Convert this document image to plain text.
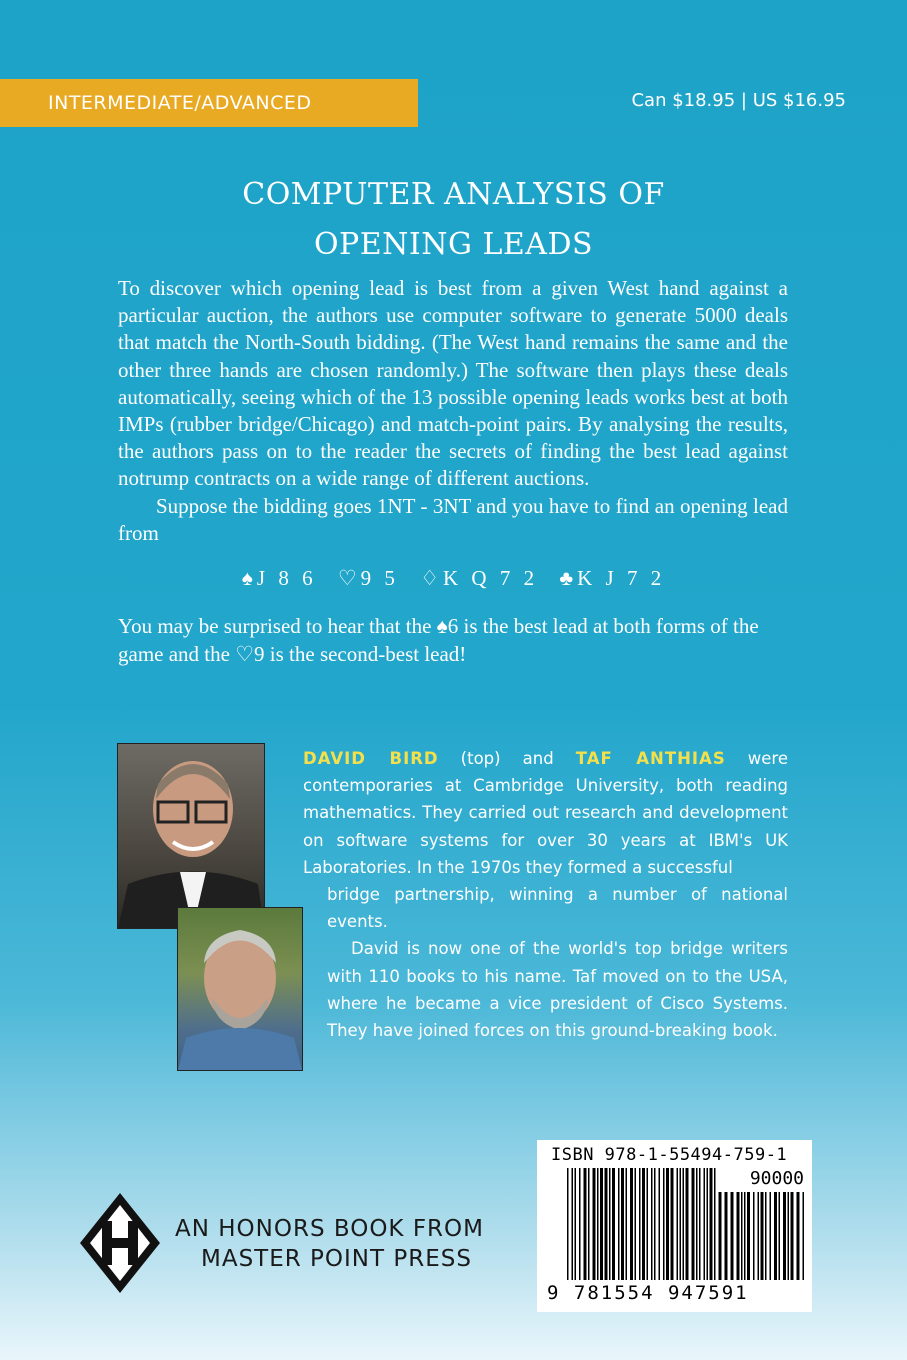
INTERMEDIATE/ADVANCED	Can $18.95 | US $16.95
COMPUTER ANALYSIS OF
OPENING LEADS

To discover which opening lead is best from a given West hand against a particular auction, the authors use computer software to generate 5000 deals that match the North-South bidding. (The West hand remains the same and the other three hands are chosen randomly.) The software then plays these deals automatically, seeing which of the 13 possible opening leads works best at both IMPs (rubber bridge/Chicago) and match-point pairs. By analysing the results, the authors pass on to the reader the secrets of finding the best lead against notrump contracts on a wide range of different auctions.

Suppose the bidding goes 1NT - 3NT and you have to find an opening lead from

♠J 8 6 ♡9 5 ♢K Q 7 2 ♣K J 7 2
You may be surprised to hear that the ♠6 is the best lead at both forms of the game and the ♡9 is the second-best lead!

DAVID BIRD (top) and TAF ANTHIAS were contemporaries at Cambridge University, both reading mathematics. They carried out research and development on software systems for over 30 years at IBM's UK Laboratories. In the 1970s they formed a successful

bridge partnership, winning a number of national events.

David is now one of the world's top bridge writers with 110 books to his name. Taf moved on to the USA, where he became a vice president of Cisco Systems. They have joined forces on this ground-breaking book.

AN HONORS BOOK FROM
MASTER POINT PRESS
ISBN 978-1-55494-759-1
90000
9 781554 947591
